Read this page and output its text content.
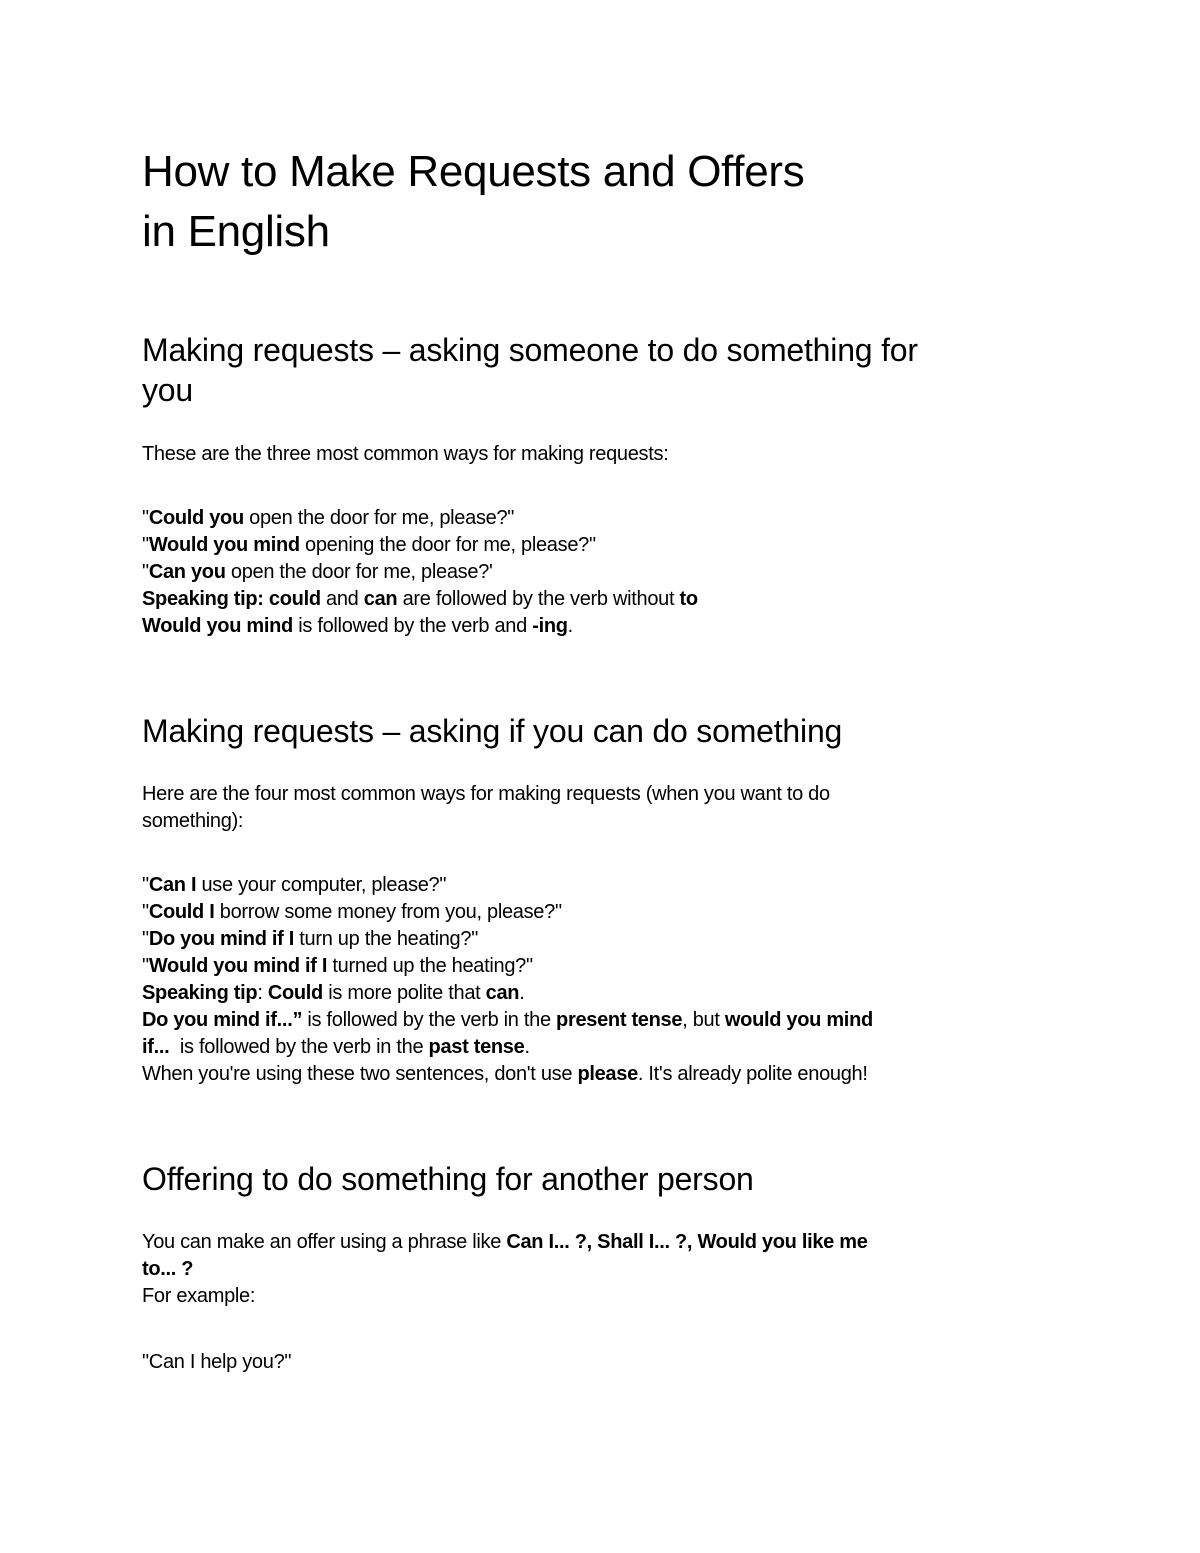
How to Make Requests and Offers
in English
Making requests – asking someone to do something for
you

These are the three most common ways for making requests:

"Could you open the door for me, please?"
"Would you mind opening the door for me, please?"
"Can you open the door for me, please?'
Speaking tip: could and can are followed by the verb without to
Would you mind is followed by the verb and -ing.
Making requests – asking if you can do something

Here are the four most common ways for making requests (when you want to do
something):

"Can I use your computer, please?"
"Could I borrow some money from you, please?"
"Do you mind if I turn up the heating?"
"Would you mind if I turned up the heating?"
Speaking tip: Could is more polite that can.
Do you mind if...” is followed by the verb in the present tense, but would you mind
if...  is followed by the verb in the past tense.
When you're using these two sentences, don't use please. It's already polite enough!
Offering to do something for another person
You can make an offer using a phrase like Can I... ?, Shall I... ?, Would you like me
to... ?
For example:

"Can I help you?"
